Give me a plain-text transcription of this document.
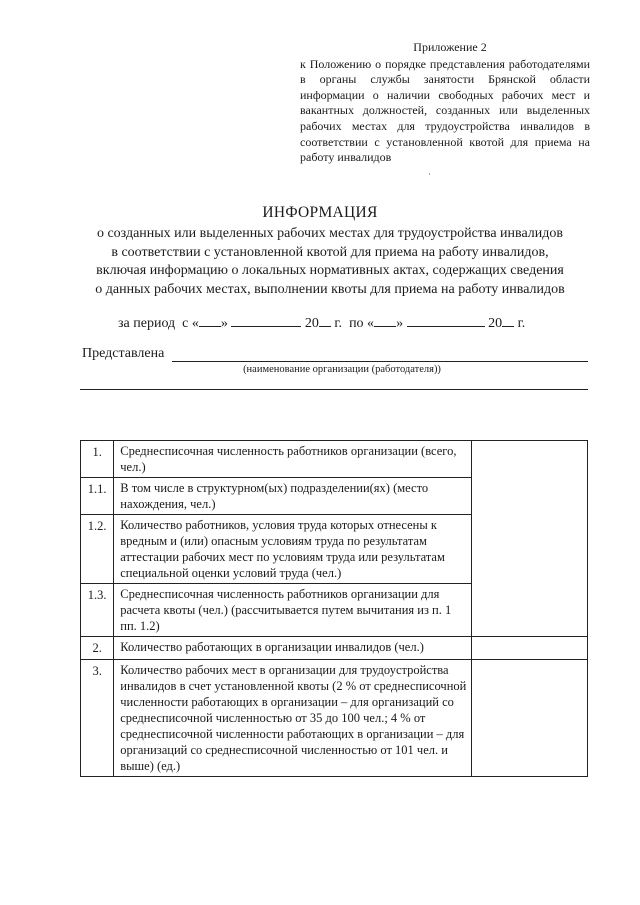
Приложение 2
к Положению о порядке представления работодателями в органы службы занятости Брянской области информации о наличии свободных рабочих мест и вакантных должностей, созданных или выделенных рабочих местах для трудоустройства инвалидов в соответствии с установленной квотой для приема на работу инвалидов
·
ИНФОРМАЦИЯ
о созданных или выделенных рабочих местах для трудоустройства инвалидов
в соответствии с установленной квотой для приема на работу инвалидов,
включая информацию о локальных нормативных актах, содержащих сведения
о данных рабочих местах, выполнении квоты для приема на работу инвалидов
за период с « »	20 г. по « »	20 г.
Представлена
(наименование организации (работодателя))
1.	Среднесписочная численность работников организации (всего, чел.)	
1.1.	В том числе в структурном(ых) подразделении(ях) (место нахождения, чел.)	
1.2.	Количество работников, условия труда которых отнесены к вредным и (или) опасным условиям труда по результатам аттестации рабочих мест по условиям труда или результатам специальной оценки условий труда (чел.)	
1.3.	Среднесписочная численность работников организации для расчета квоты (чел.) (рассчитывается путем вычитания из п. 1 пп. 1.2)	
2.	Количество работающих в организации инвалидов (чел.)	
3.	Количество рабочих мест в организации для трудоустройства инвалидов в счет установленной квоты (2 % от среднесписочной численности работающих в организации – для организаций со среднесписочной численностью от 35 до 100 чел.; 4 % от среднесписочной численности работающих в организации – для организаций со среднесписочной численностью от 101 чел. и выше) (ед.)	
